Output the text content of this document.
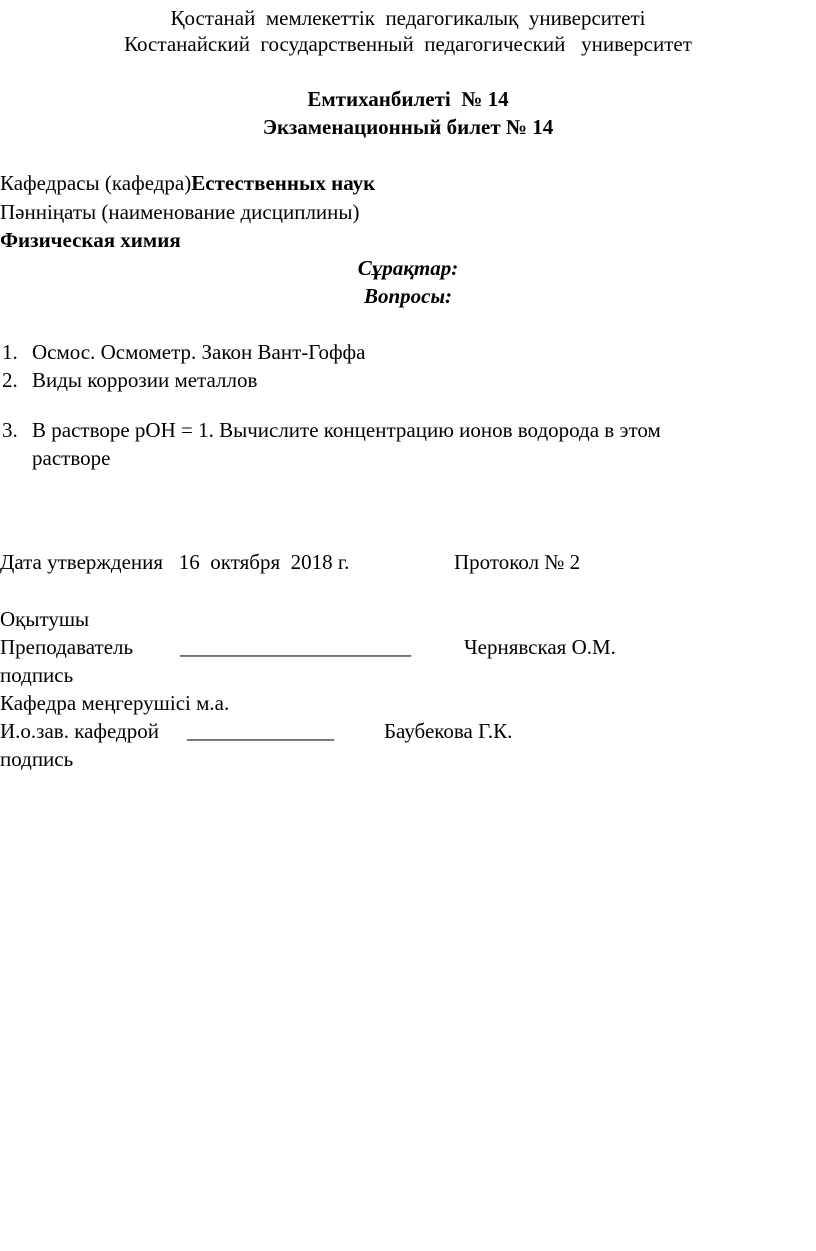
Қостанай  мемлекеттік  педагогикалық  университеті
Костанайский  государственный  педагогический   университет
Емтиханбилеті  № 14
Экзаменационный билет № 14
Кафедрасы (кафедра)Естественных наук
Пәнніңаты (наименование дисциплины)
Физическая химия
Сұрақтар:
Вопросы:
1. Осмос. Осмометр. Закон Вант-Гоффа
2. Виды коррозии металлов
3. В растворе рОН = 1. Вычислите концентрацию ионов водорода в этом
растворе
Дата утверждения   16  октября  2018 г.	Протокол № 2
Оқытушы
Преподаватель ______________________	Чернявская О.М.
подпись
Кафедра меңгерушісі м.а.
И.о.зав. кафедрой ______________ Баубекова Г.К.
подпись
